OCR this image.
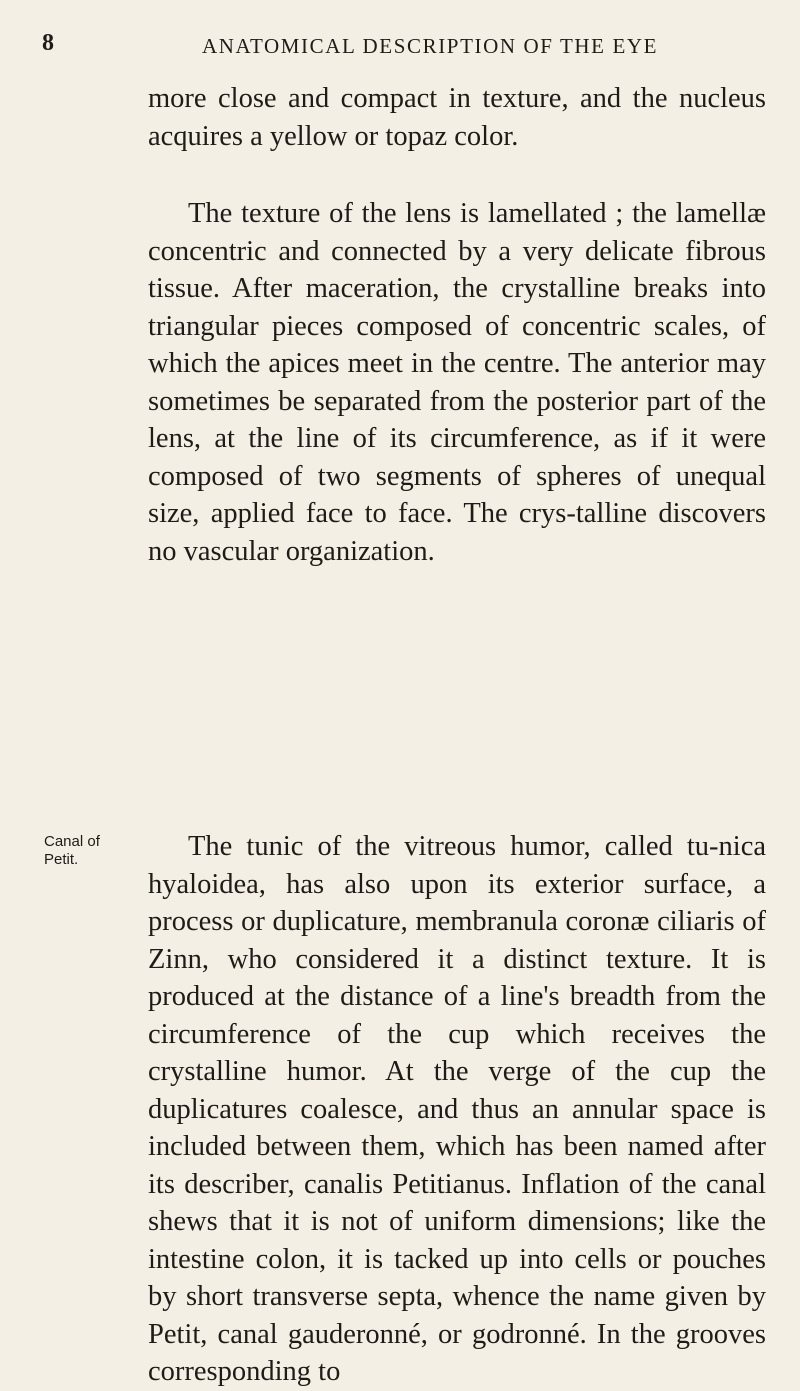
8	ANATOMICAL DESCRIPTION OF THE EYE
Canal of
Petit.

more close and compact in texture, and the nucleus acquires a yellow or topaz color.

The texture of the lens is lamellated ; the lamellæ concentric and connected by a very delicate fibrous tissue. After maceration, the crystalline breaks into triangular pieces composed of concentric scales, of which the apices meet in the centre. The anterior may sometimes be separated from the posterior part of the lens, at the line of its circumference, as if it were composed of two segments of spheres of unequal size, applied face to face. The crys-talline discovers no vascular organization.

The tunic of the vitreous humor, called tu-nica hyaloidea, has also upon its exterior surface, a process or duplicature, membranula coronæ ciliaris of Zinn, who considered it a distinct texture. It is produced at the distance of a line's breadth from the circumference of the cup which receives the crystalline humor. At the verge of the cup the duplicatures coalesce, and thus an annular space is included between them, which has been named after its describer, canalis Petitianus. Inflation of the canal shews that it is not of uniform dimensions; like the intestine colon, it is tacked up into cells or pouches by short transverse septa, whence the name given by Petit, canal gauderonné, or godronné. In the grooves corresponding to
